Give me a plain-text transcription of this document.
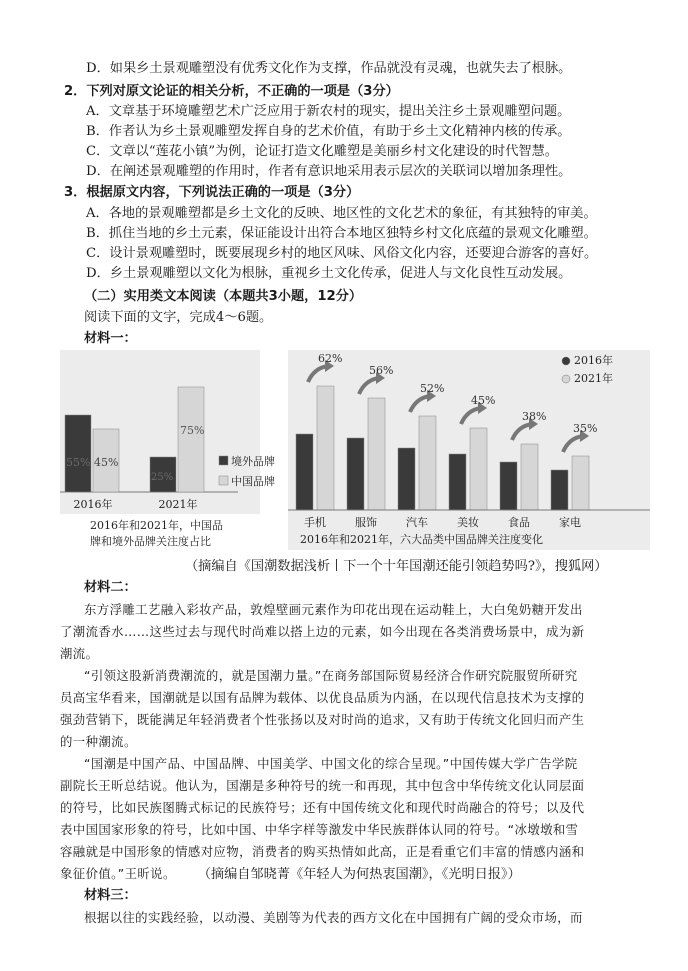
D．如果乡土景观雕塑没有优秀文化作为支撑，作品就没有灵魂，也就失去了根脉。
2．下列对原文论证的相关分析，不正确的一项是（3分）
A．文章基于环境雕塑艺术广泛应用于新农村的现实，提出关注乡土景观雕塑问题。
B．作者认为乡土景观雕塑发挥自身的艺术价值，有助于乡土文化精神内核的传承。
C．文章以“莲花小镇”为例，论证打造文化雕塑是美丽乡村文化建设的时代智慧。
D．在阐述景观雕塑的作用时，作者有意识地采用表示层次的关联词以增加条理性。
3．根据原文内容，下列说法正确的一项是（3分）
A．各地的景观雕塑都是乡土文化的反映、地区性的文化艺术的象征，有其独特的审美。
B．抓住当地的乡土元素，保证能设计出符合本地区独特乡村文化底蕴的景观文化雕塑。
C．设计景观雕塑时，既要展现乡村的地区风味、风俗文化内容，还要迎合游客的喜好。
D．乡土景观雕塑以文化为根脉，重视乡土文化传承，促进人与文化良性互动发展。
（二）实用类文本阅读（本题共3小题，12分）
阅读下面的文字，完成4～6题。
材料一：
55% 45%
2016年
25%
75%
2021年
境外品牌
中国品牌
2016年和2021年，中国品
牌和境外品牌关注度占比
62%
手机
56%
服饰
52%
汽车
45%
美妆
38%
食品
35%
家电
2016年
2021年
2016年和2021年，六大品类中国品牌关注度变化
（摘编自《国潮数据浅析丨下一个十年国潮还能引领趋势吗?》，搜狐网）
材料二：
东方浮雕工艺融入彩妆产品，敦煌壁画元素作为印花出现在运动鞋上，大白兔奶糖开发出
了潮流香水……这些过去与现代时尚难以搭上边的元素，如今出现在各类消费场景中，成为新
潮流。
“引领这股新消费潮流的，就是国潮力量。”在商务部国际贸易经济合作研究院服贸所研究
员高宝华看来，国潮就是以国有品牌为载体、以优良品质为内涵，在以现代信息技术为支撑的
强劲营销下，既能满足年轻消费者个性张扬以及对时尚的追求，又有助于传统文化回归而产生
的一种潮流。
“国潮是中国产品、中国品牌、中国美学、中国文化的综合呈现。”中国传媒大学广告学院
副院长王昕总结说。他认为，国潮是多种符号的统一和再现，其中包含中华传统文化认同层面
的符号，比如民族图腾式标记的民族符号；还有中国传统文化和现代时尚融合的符号；以及代
表中国国家形象的符号，比如中国、中华字样等激发中华民族群体认同的符号。“冰墩墩和雪
容融就是中国形象的情感对应物，消费者的购买热情如此高，正是看重它们丰富的情感内涵和
象征价值。”王昕说。 （摘编自邹晓菁《年轻人为何热衷国潮》，《光明日报》）
材料三：
根据以往的实践经验，以动漫、美剧等为代表的西方文化在中国拥有广阔的受众市场，而
